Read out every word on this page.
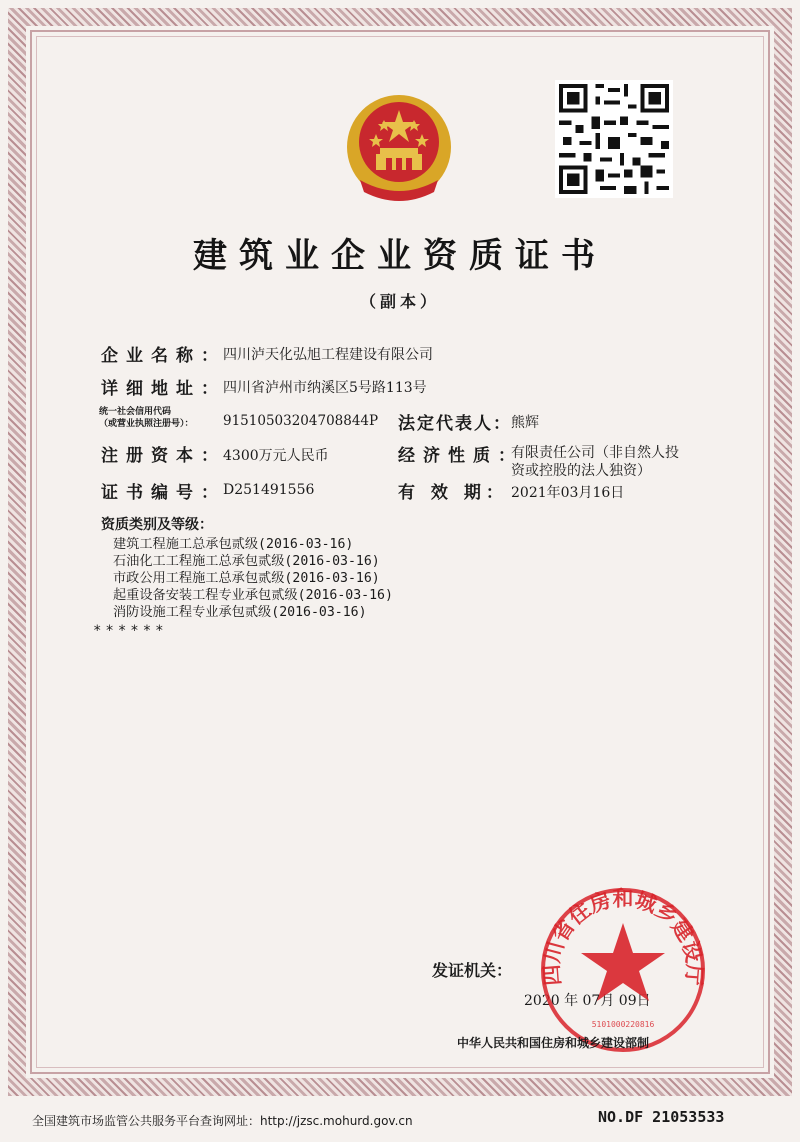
建筑业企业资质证书
（副本）
企业名称：
四川泸天化弘旭工程建设有限公司
详细地址：
四川省泸州市纳溪区5号路113号
统一社会信用代码
（或营业执照注册号）： 91510503204708844P 法定代表人： 熊辉
注册资本：
4300万元人民币	经济性质：
有限责任公司（非自然人投
资或控股的法人独资）
证书编号：
D251491556	有 效 期： 2021年03月16日
资质类别及等级：
建筑工程施工总承包贰级(2016-03-16)
石油化工工程施工总承包贰级(2016-03-16)
市政公用工程施工总承包贰级(2016-03-16)
起重设备安装工程专业承包贰级(2016-03-16)
消防设施工程专业承包贰级(2016-03-16)
******
发证机关：
2020 年 07月 09日
四川省住房和城乡建设厅
5101000220816
中华人民共和国住房和城乡建设部制
全国建筑市场监管公共服务平台查询网址：http://jzsc.mohurd.gov.cn	NO.DF 21053533
